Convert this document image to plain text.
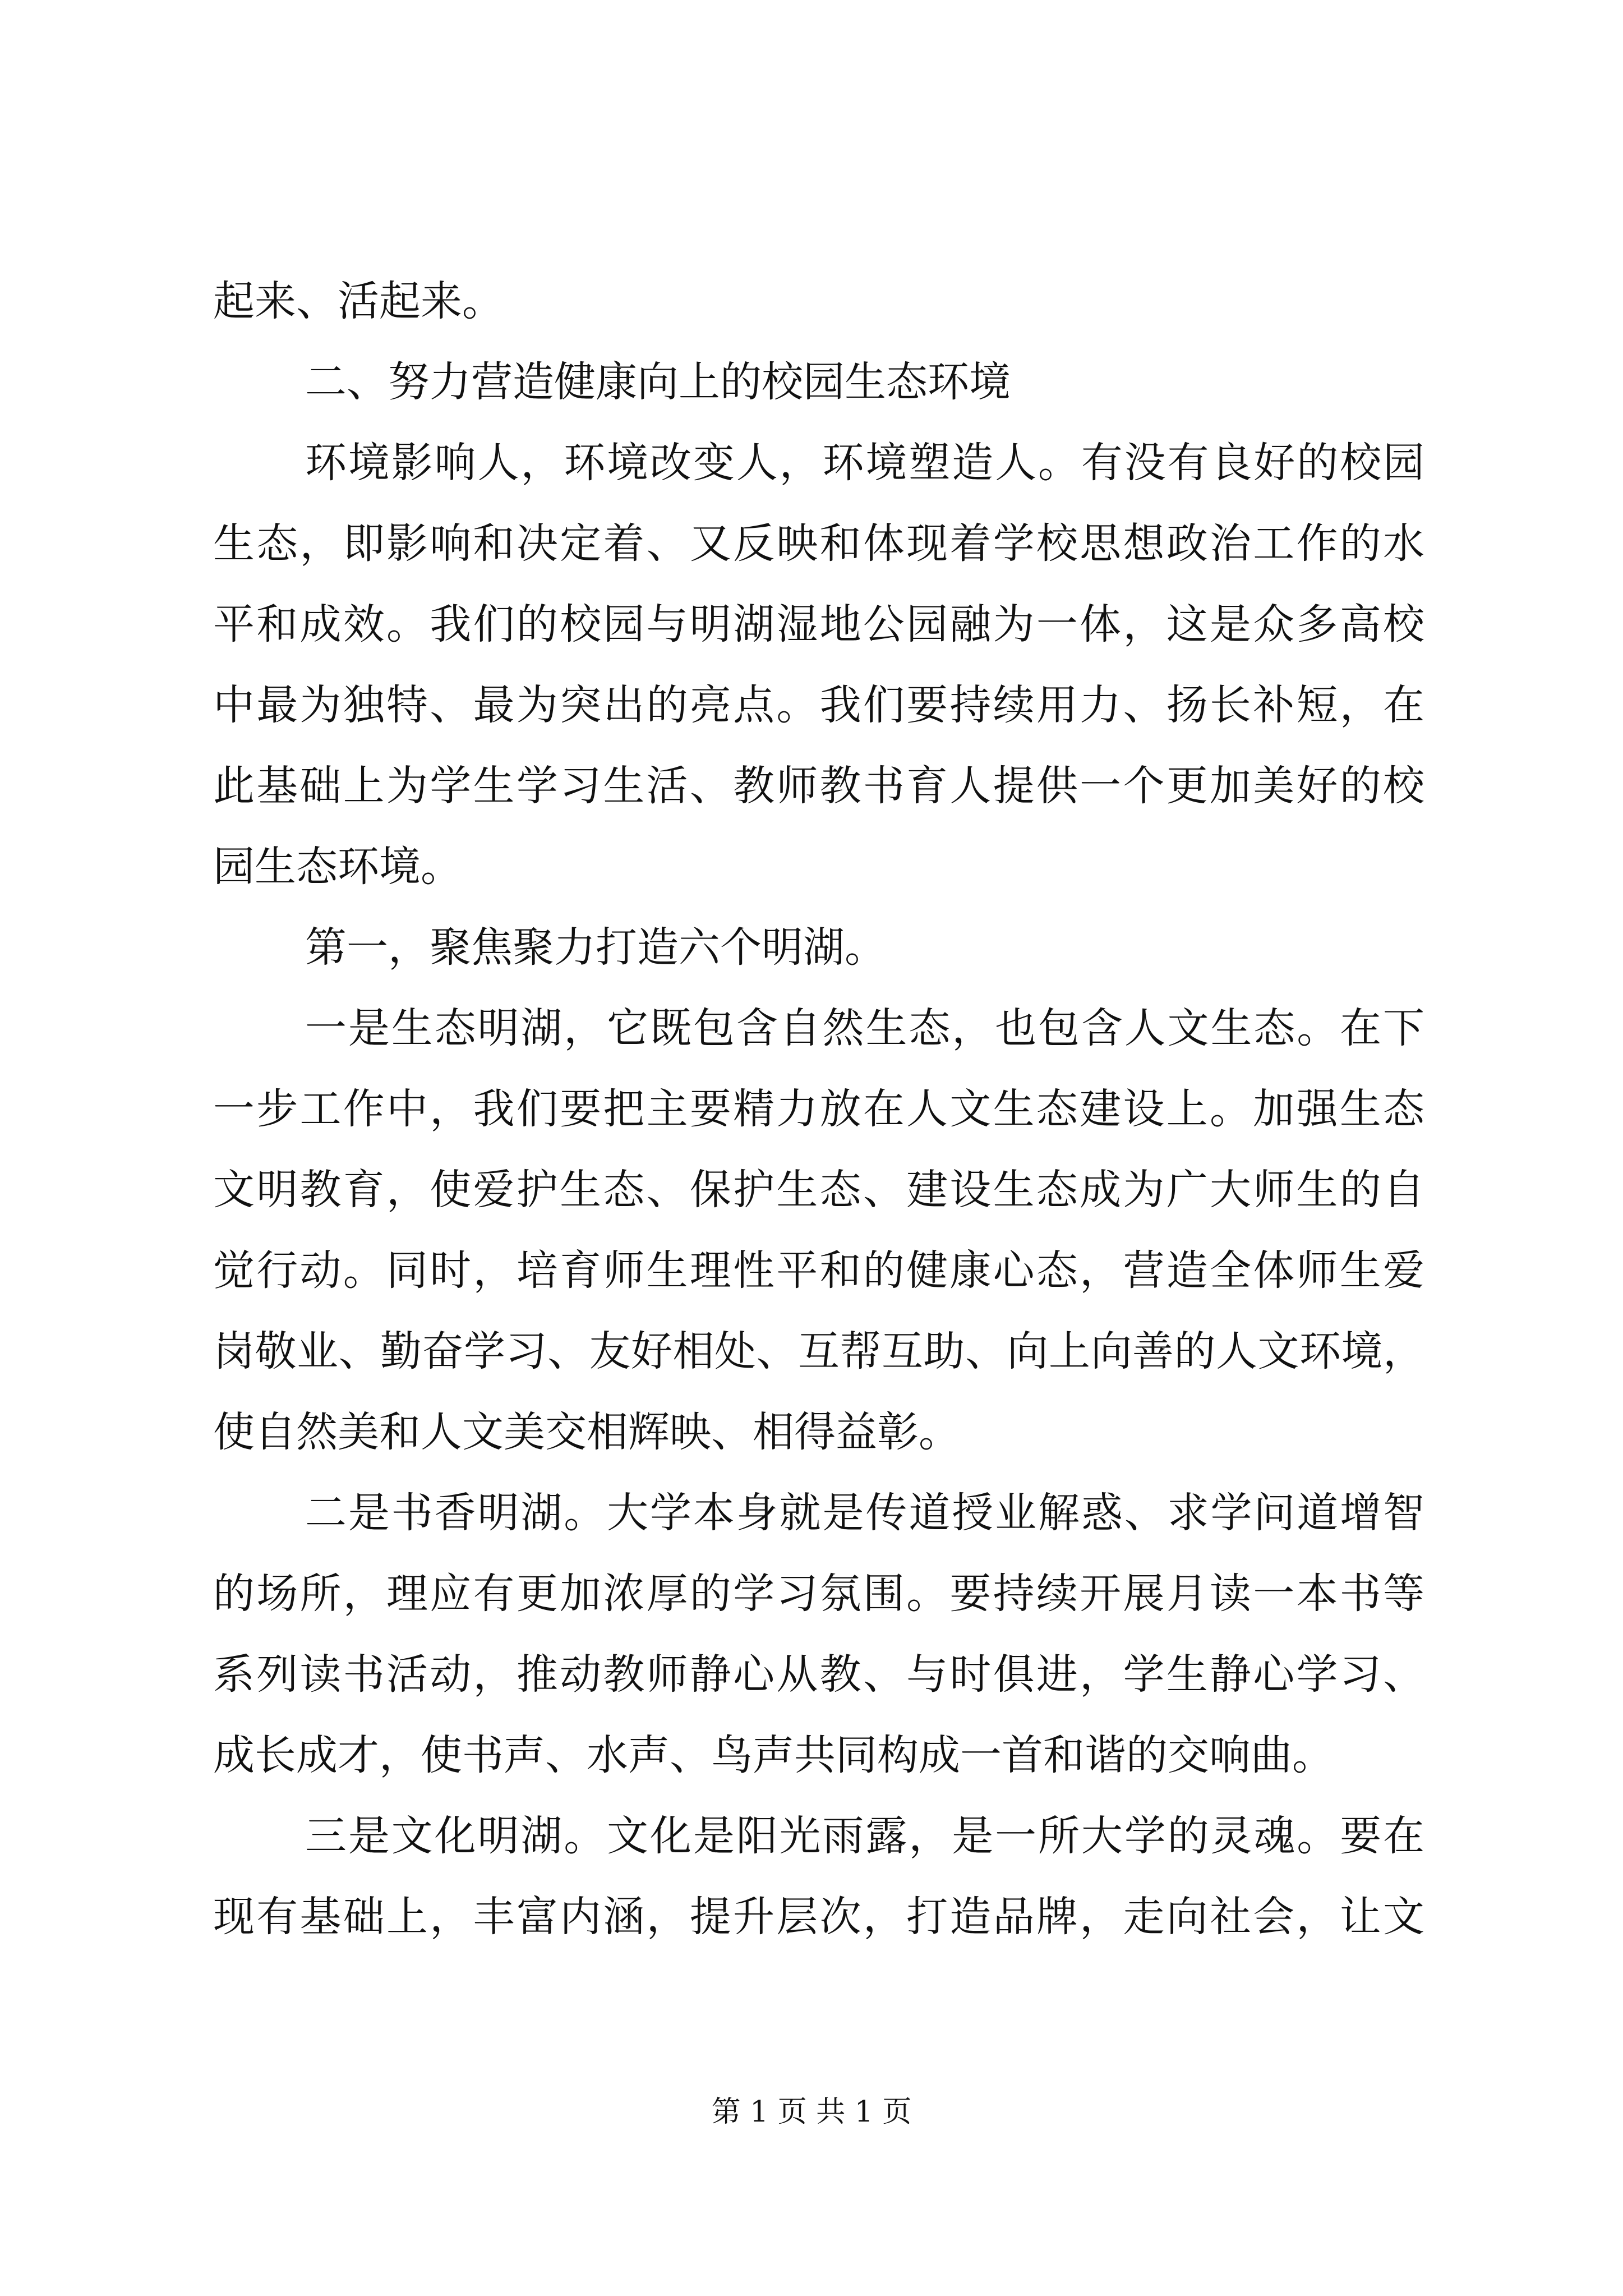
起来、活起来。
二、努力营造健康向上的校园生态环境
环境影响人，环境改变人，环境塑造人。有没有良好的校园
生态，即影响和决定着、又反映和体现着学校思想政治工作的水
平和成效。我们的校园与明湖湿地公园融为一体，这是众多高校
中最为独特、最为突出的亮点。我们要持续用力、扬长补短，在
此基础上为学生学习生活、教师教书育人提供一个更加美好的校
园生态环境。
第一，聚焦聚力打造六个明湖。
一是生态明湖，它既包含自然生态，也包含人文生态。在下
一步工作中，我们要把主要精力放在人文生态建设上。加强生态
文明教育，使爱护生态、保护生态、建设生态成为广大师生的自
觉行动。同时，培育师生理性平和的健康心态，营造全体师生爱
岗敬业、勤奋学习、友好相处、互帮互助、向上向善的人文环境，
使自然美和人文美交相辉映、相得益彰。
二是书香明湖。大学本身就是传道授业解惑、求学问道增智
的场所，理应有更加浓厚的学习氛围。要持续开展月读一本书等
系列读书活动，推动教师静心从教、与时俱进，学生静心学习、
成长成才，使书声、水声、鸟声共同构成一首和谐的交响曲。
三是文化明湖。文化是阳光雨露，是一所大学的灵魂。要在
现有基础上，丰富内涵，提升层次，打造品牌，走向社会，让文
第 1 页 共 1 页
